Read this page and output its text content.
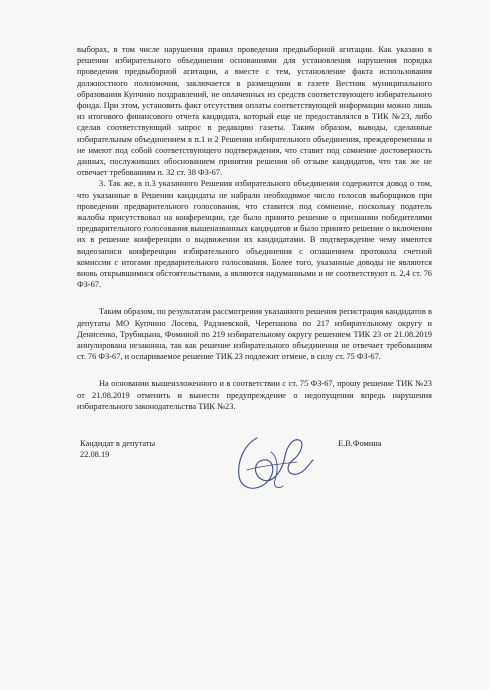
выборах, в том числе нарушения правил проведения предвыборной агитации. Как указано в решении избирательного объединения основаниями для установления нарушения порядка проведения предвыборной агитации, а вместе с тем, установление факта использования должностного полномочия, заключается в размещении в газете Вестник муниципального образования Купчино поздравлений, не оплаченных из средств соответствующего избирательного фонда. При этом, установить факт отсутствия оплаты соответствующей информации можно лишь из итогового финансового отчета кандидата, который еще не предоставлялся в ТИК №23, либо сделав соответствующий запрос в редакцию газеты. Таким образом, выводы, сделанные избирательным объединением в п.1 и 2 Решения избирательного объединения, преждевременны и не имеют под собой соответствующего подтверждения, что ставит под сомнение достоверность данных, послуживших обоснованием принятия решения об отзыве кандидатов, что так же не отвечает требованиям п. 32 ст. 38 ФЗ-67.

3. Так же, в п.3 указанного Решения избирательного объединения содержится довод о том, что указанные в Решении кандидаты не набрали необходимое число голосов выборщиков при проведении предварительного голосования, что ставится под сомнение, поскольку податель жалобы присутствовал на конференции, где было принято решение о признании победителями предварительного голосования вышеназванных кандидатов и было принято решение о включении их в решение конференции о выдвижении их кандидатами. В подтверждение чему имеются видеозаписи конференции избирательного объединения с оглашением протокола счетной комиссии с итогами предварительного голосования. Более того, указанные доводы не являются вновь открывшимися обстоятельствами, а являются надуманными и не соответствуют п. 2,4 ст. 76 ФЗ-67.

Таким образом, по результатам рассмотрения указанного решения регистрация кандидатов в депутаты МО Купчино Лосева, Радзиевской, Черепанова по 217 избирательному округу и Денисенко, Трубицына, Фоминой по 219 избирательному округу решением ТИК 23 от 21.08.2019 аннулирована незаконна, так как решение избирательного объединения не отвечает требованиям ст. 76 ФЗ-67, и оспариваемое решение ТИК 23 подлежит отмене, в силу ст. 75 ФЗ-67.

На основании вышеизложенного и в соответствии с ст. 75 ФЗ-67, прошу решение ТИК №23 от 21.08.2019 отменить и вынести предупреждение о недопущении впредь нарушения избирательного законодательства ТИК №23.

Кандидат в депутаты
22.08.19
Е.В.Фомина
